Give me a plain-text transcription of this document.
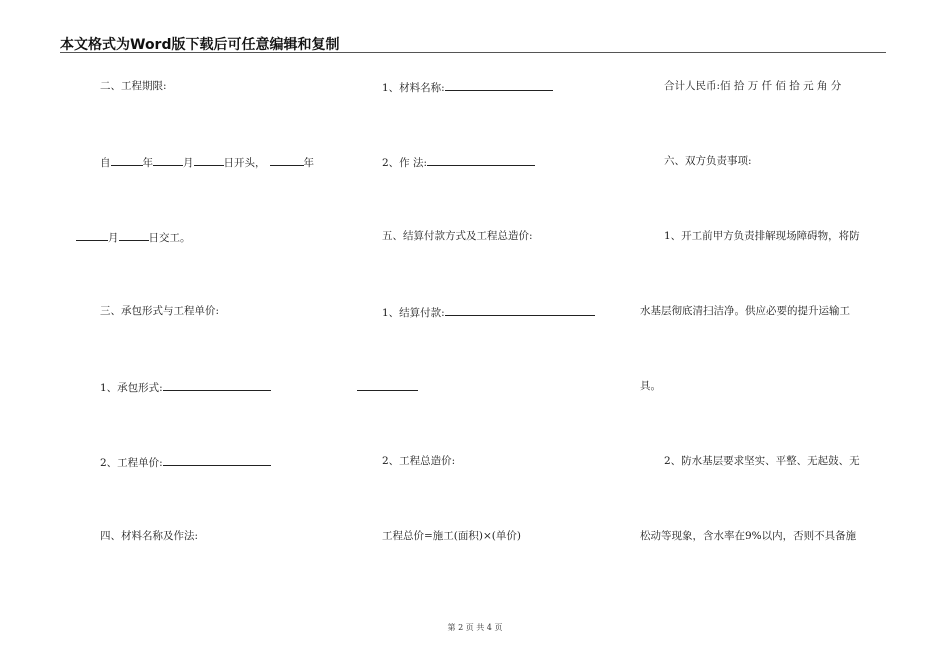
本文格式为Word版下载后可任意编辑和复制
二、工程期限:
自	年	月	日开头，	年
月	日交工。
三、承包形式与工程单价:
1、承包形式:
2、工程单价:
四、材料名称及作法:
1、材料名称:
2、作 法:
五、结算付款方式及工程总造价:
1、结算付款:
2、工程总造价:
工程总价=施工(面积)×(单价)
合计人民币:佰 拾 万 仟 佰 拾 元 角 分
六、双方负责事项:
1、开工前甲方负责排解现场障碍物，将防
水基层彻底清扫洁净。供应必要的提升运输工
具。
2、防水基层要求坚实、平整、无起鼓、无
松动等现象，含水率在9%以内，否则不具备施
第 2 页 共 4 页
